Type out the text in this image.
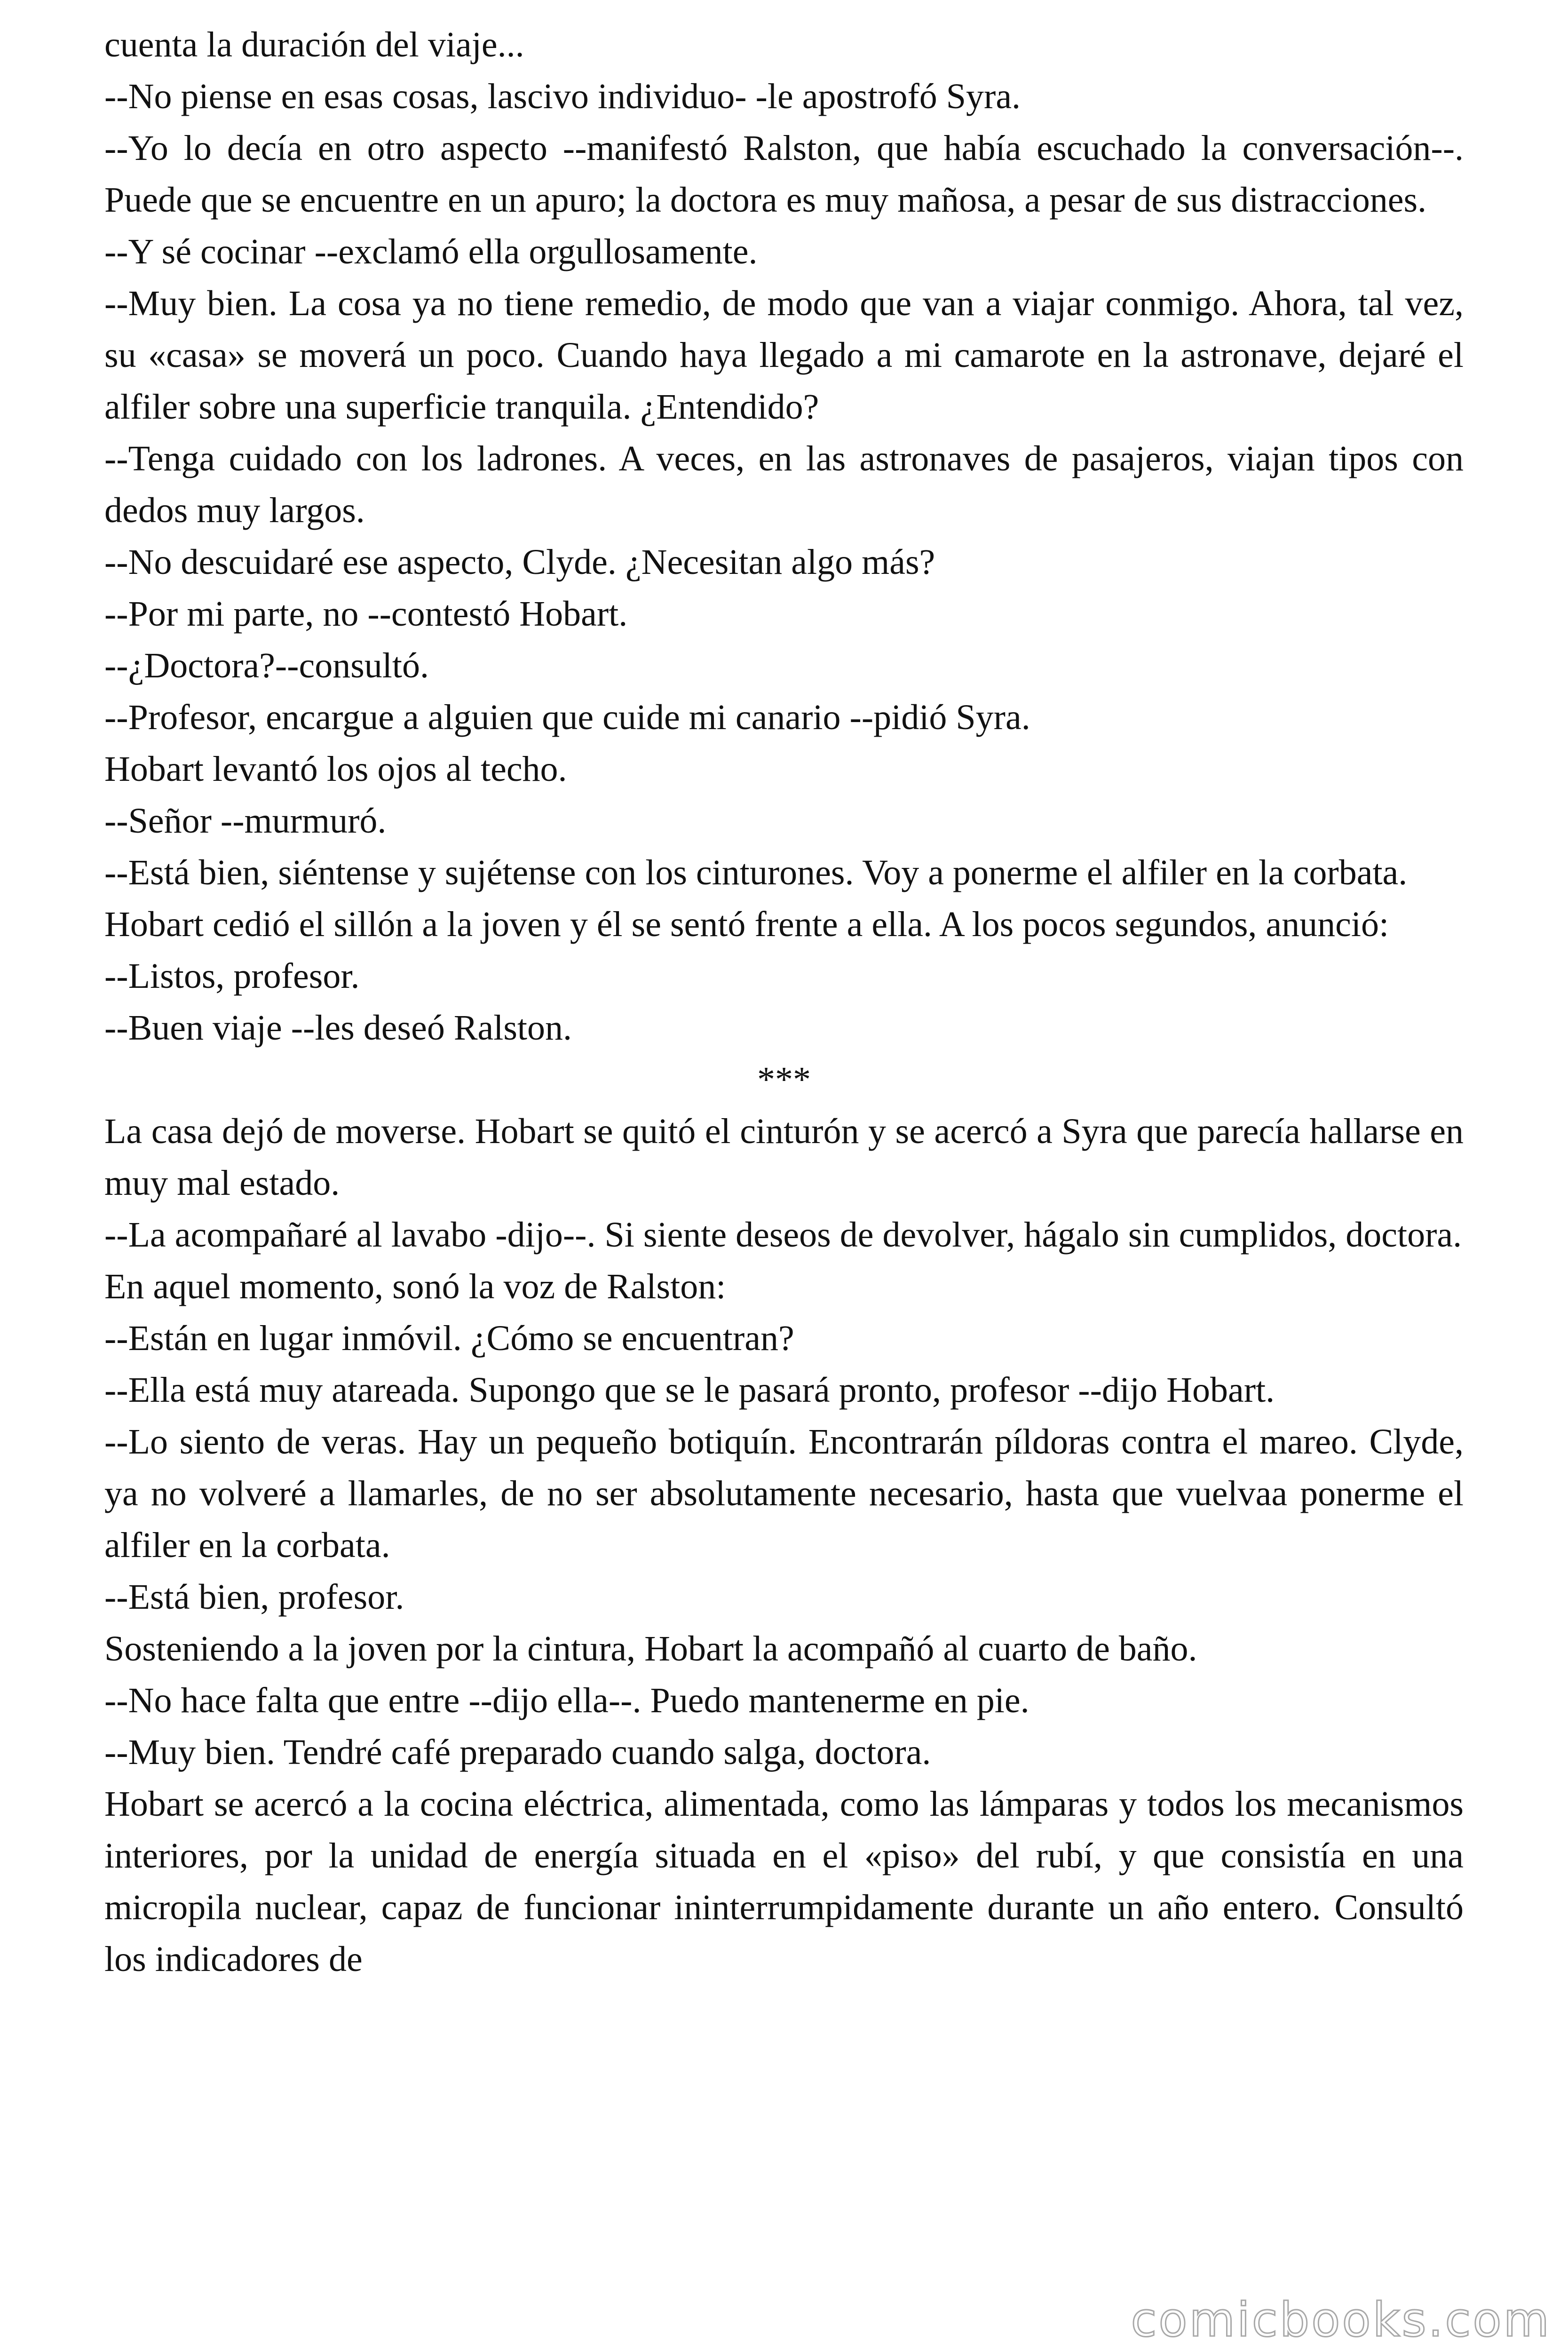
cuenta la duración del viaje...

--No piense en esas cosas, lascivo individuo- -le apostrofó Syra.

--Yo lo decía en otro aspecto --manifestó Ralston, que había escuchado la conversación--. Puede que se encuentre en un apuro; la doctora es muy mañosa, a pesar de sus distracciones.

--Y sé cocinar --exclamó ella orgullosamente.

--Muy bien. La cosa ya no tiene remedio, de modo que van a viajar conmigo. Ahora, tal vez, su «casa» se moverá un poco. Cuando haya llegado a mi camarote en la astronave, dejaré el alfiler sobre una superficie tranquila. ¿Entendido?

--Tenga cuidado con los ladrones. A veces, en las astronaves de pasajeros, viajan tipos con dedos muy largos.

--No descuidaré ese aspecto, Clyde. ¿Necesitan algo más?

--Por mi parte, no --contestó Hobart.

--¿Doctora?--consultó.

--Profesor, encargue a alguien que cuide mi canario --pidió Syra.

Hobart levantó los ojos al techo.

--Señor --murmuró.

--Está bien, siéntense y sujétense con los cinturones. Voy a ponerme el alfiler en la corbata.

Hobart cedió el sillón a la joven y él se sentó frente a ella. A los pocos segundos, anunció:

--Listos, profesor.

--Buen viaje --les deseó Ralston.

***

La casa dejó de moverse. Hobart se quitó el cinturón y se acercó a Syra que parecía hallarse en muy mal estado.

--La acompañaré al lavabo -dijo--. Si siente deseos de devolver, hágalo sin cumplidos, doctora.

En aquel momento, sonó la voz de Ralston:

--Están en lugar inmóvil. ¿Cómo se encuentran?

--Ella está muy atareada. Supongo que se le pasará pronto, profesor --dijo Hobart.

--Lo siento de veras. Hay un pequeño botiquín. Encontrarán píldoras contra el mareo. Clyde, ya no volveré a llamarles, de no ser absolutamente necesario, hasta que vuelvaa ponerme el alfiler en la corbata.

--Está bien, profesor.

Sosteniendo a la joven por la cintura, Hobart la acompañó al cuarto de baño.

--No hace falta que entre --dijo ella--. Puedo mantenerme en pie.

--Muy bien. Tendré café preparado cuando salga, doctora.

Hobart se acercó a la cocina eléctrica, alimentada, como las lámparas y todos los mecanismos interiores, por la unidad de energía situada en el «piso» del rubí, y que consistía en una micropila nuclear, capaz de funcionar ininterrumpidamente durante un año entero. Consultó los indicadores de

comicbooks.com
